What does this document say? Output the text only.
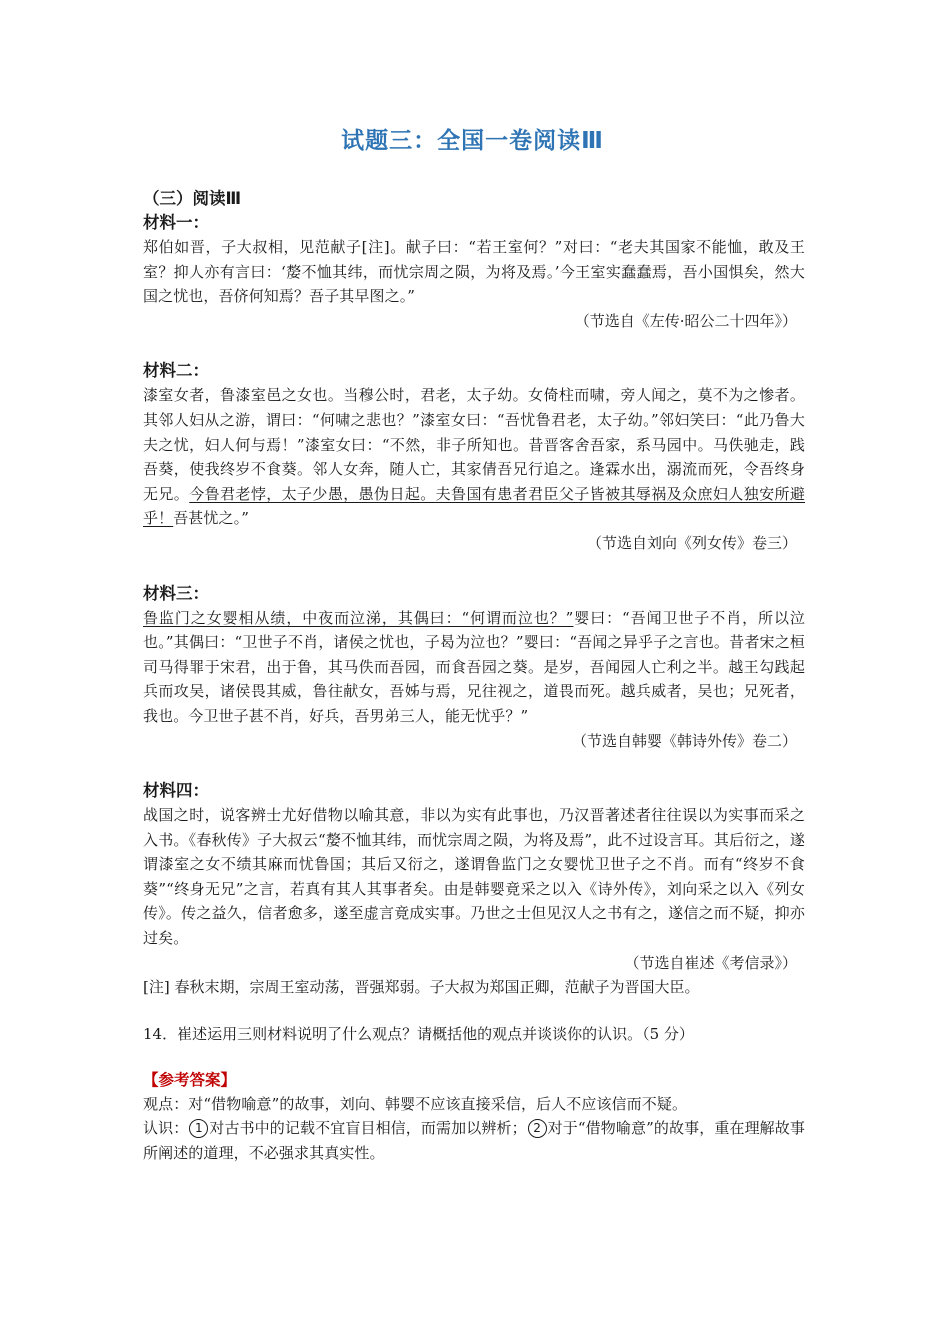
试题三：全国一卷阅读Ⅲ

（三）阅读Ⅲ

材料一：

郑伯如晋，子大叔相，见范献子[注]。献子曰：“若王室何？”对曰：“老夫其国家不能恤，敢及王室？抑人亦有言曰：‘嫠不恤其纬，而忧宗周之陨，为将及焉。’今王室实蠢蠢焉，吾小国惧矣，然大国之忧也，吾侪何知焉？吾子其早图之。”

（节选自《左传·昭公二十四年》）

材料二：

漆室女者，鲁漆室邑之女也。当穆公时，君老，太子幼。女倚柱而啸，旁人闻之，莫不为之惨者。其邻人妇从之游，谓曰：“何啸之悲也？”漆室女曰：“吾忧鲁君老，太子幼。”邻妇笑曰：“此乃鲁大夫之忧，妇人何与焉！”漆室女曰：“不然，非子所知也。昔晋客舍吾家，系马园中。马佚驰走，践吾葵，使我终岁不食葵。邻人女奔，随人亡，其家倩吾兄行追之。逢霖水出，溺流而死，令吾终身无兄。今鲁君老悖，太子少愚，愚伪日起。夫鲁国有患者君臣父子皆被其辱祸及众庶妇人独安所避乎！吾甚忧之。”

（节选自刘向《列女传》卷三）

材料三：

鲁监门之女婴相从绩，中夜而泣涕，其偶曰：“何谓而泣也？”婴曰：“吾闻卫世子不肖，所以泣也。”其偶曰：“卫世子不肖，诸侯之忧也，子曷为泣也？”婴曰：“吾闻之异乎子之言也。昔者宋之桓司马得罪于宋君，出于鲁，其马佚而吾园，而食吾园之葵。是岁，吾闻园人亡利之半。越王勾践起兵而攻吴，诸侯畏其威，鲁往献女，吾姊与焉，兄往视之，道畏而死。越兵威者，吴也；兄死者，我也。今卫世子甚不肖，好兵，吾男弟三人，能无忧乎？”

（节选自韩婴《韩诗外传》卷二）

材料四：

战国之时，说客辨士尤好借物以喻其意，非以为实有此事也，乃汉晋著述者往往误以为实事而采之入书。《春秋传》子大叔云“嫠不恤其纬，而忧宗周之陨，为将及焉”，此不过设言耳。其后衍之，遂谓漆室之女不绩其麻而忧鲁国；其后又衍之，遂谓鲁监门之女婴忧卫世子之不肖。而有“终岁不食葵”“终身无兄”之言，若真有其人其事者矣。由是韩婴竟采之以入《诗外传》，刘向采之以入《列女传》。传之益久，信者愈多，遂至虚言竟成实事。乃世之士但见汉人之书有之，遂信之而不疑，抑亦过矣。

（节选自崔述《考信录》）

[注] 春秋末期，宗周王室动荡，晋强郑弱。子大叔为郑国正卿，范献子为晋国大臣。

14．崔述运用三则材料说明了什么观点？请概括他的观点并谈谈你的认识。（5 分）

【参考答案】

观点：对“借物喻意”的故事，刘向、韩婴不应该直接采信，后人不应该信而不疑。

认识： 1 对古书中的记载不宜盲目相信，而需加以辨析； 2 对于“借物喻意”的故事，重在理解故事所阐述的道理，不必强求其真实性。
